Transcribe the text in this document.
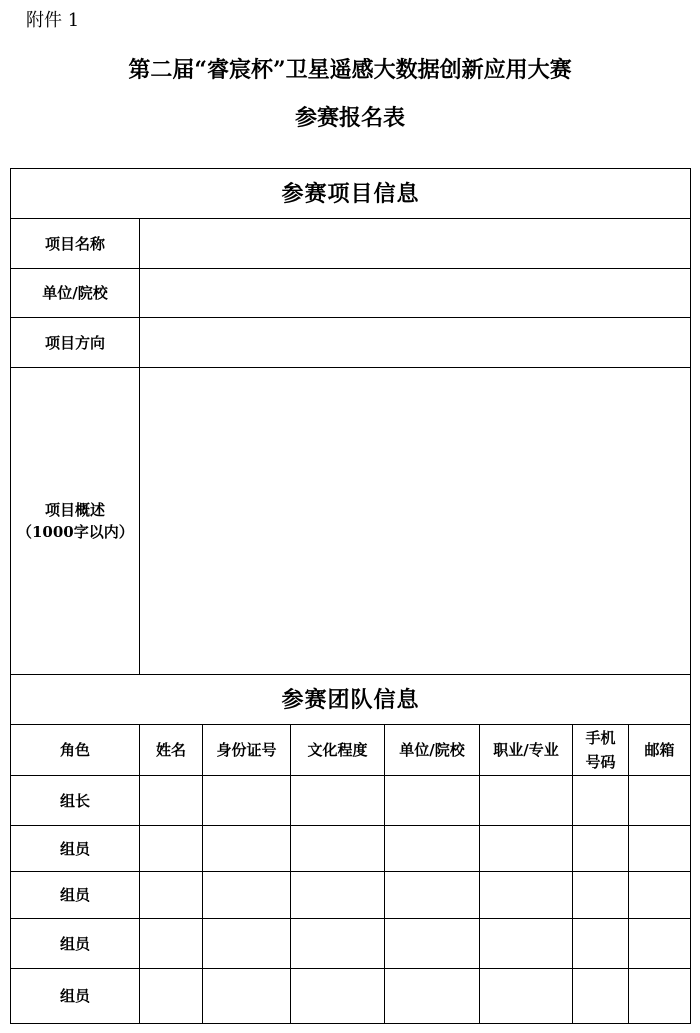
附件 1
第二届“睿宸杯”卫星遥感大数据创新应用大赛
参赛报名表
参赛项目信息							
项目名称							
单位/院校							
项目方向							
项目概述（1000字以内）							
参赛团队信息							
角色	姓名	身份证号	文化程度	单位/院校	职业/专业	手机号码	邮箱
组长							
组员							
组员							
组员							
组员							
